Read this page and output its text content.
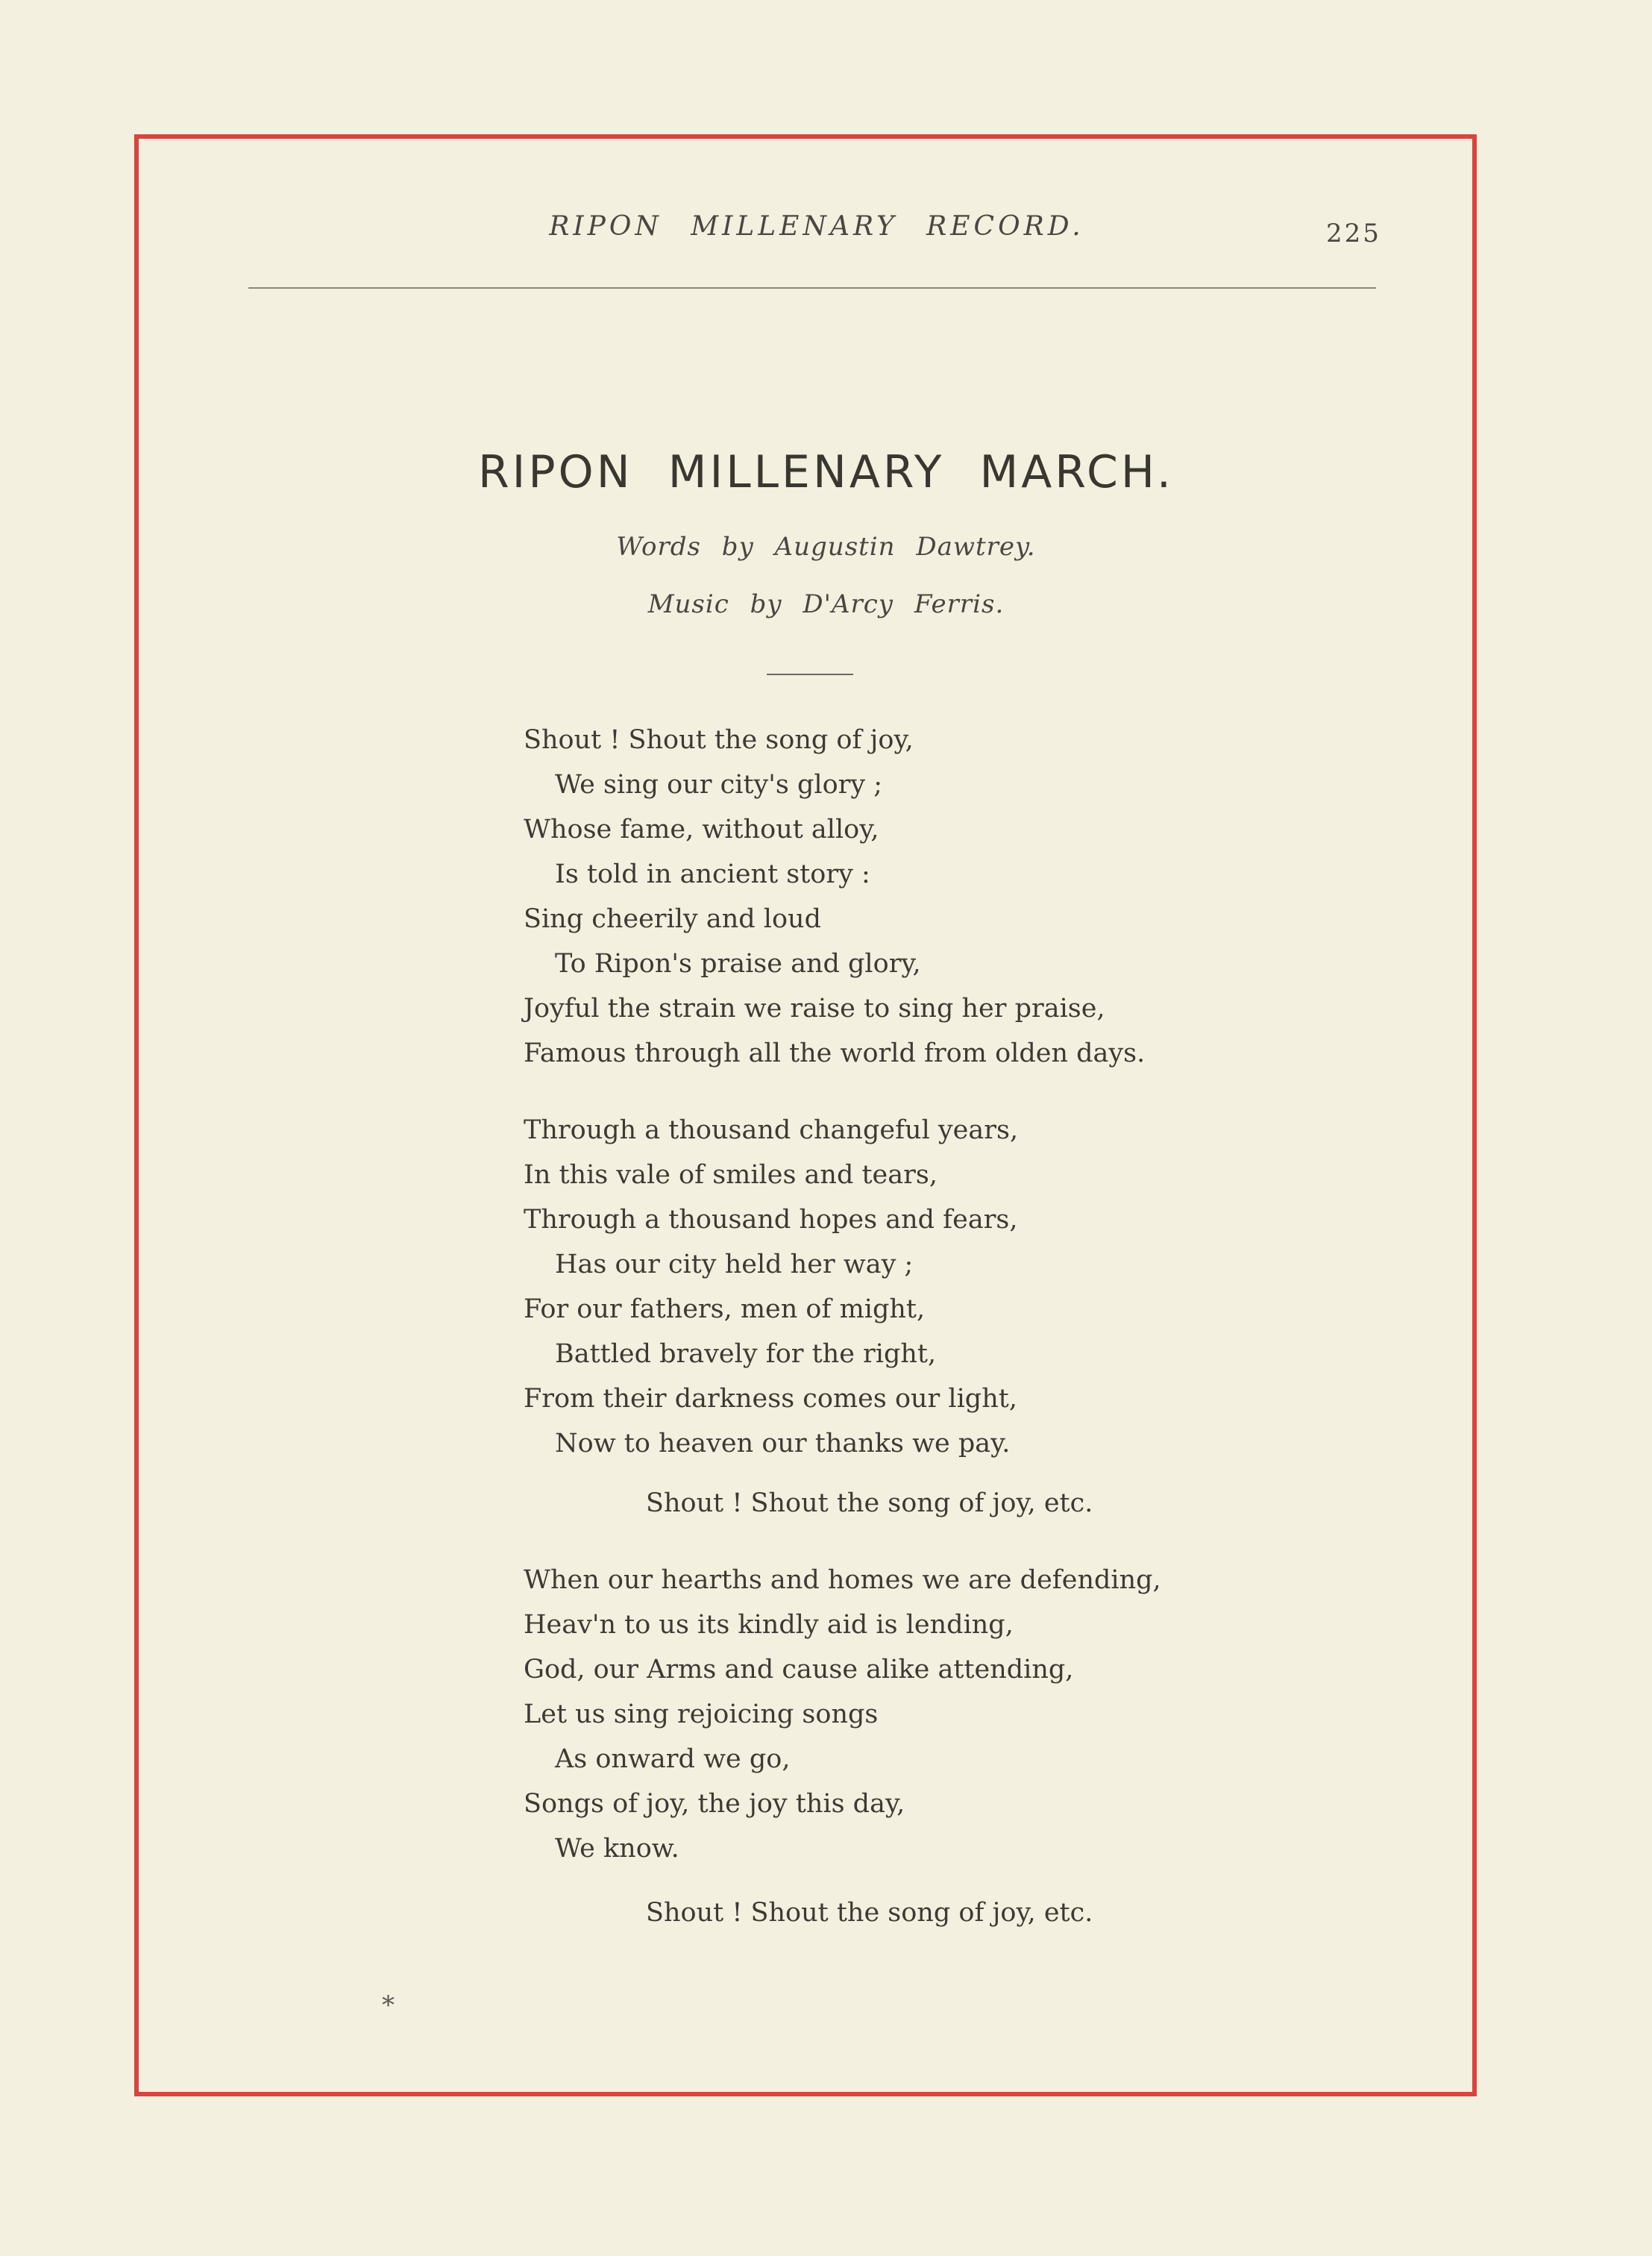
RIPON MILLENARY RECORD.	225
RIPON MILLENARY MARCH.
Words by Augustin Dawtrey.
Music by D'Arcy Ferris.
Shout ! Shout the song of joy,
We sing our city's glory ;
Whose fame, without alloy,
Is told in ancient story :
Sing cheerily and loud
To Ripon's praise and glory,
Joyful the strain we raise to sing her praise,
Famous through all the world from olden days.
Through a thousand changeful years,
In this vale of smiles and tears,
Through a thousand hopes and fears,
Has our city held her way ;
For our fathers, men of might,
Battled bravely for the right,
From their darkness comes our light,
Now to heaven our thanks we pay.
Shout ! Shout the song of joy, etc.
When our hearths and homes we are defending,
Heav'n to us its kindly aid is lending,
God, our Arms and cause alike attending,
Let us sing rejoicing songs
As onward we go,
Songs of joy, the joy this day,
We know.
Shout ! Shout the song of joy, etc.
*
